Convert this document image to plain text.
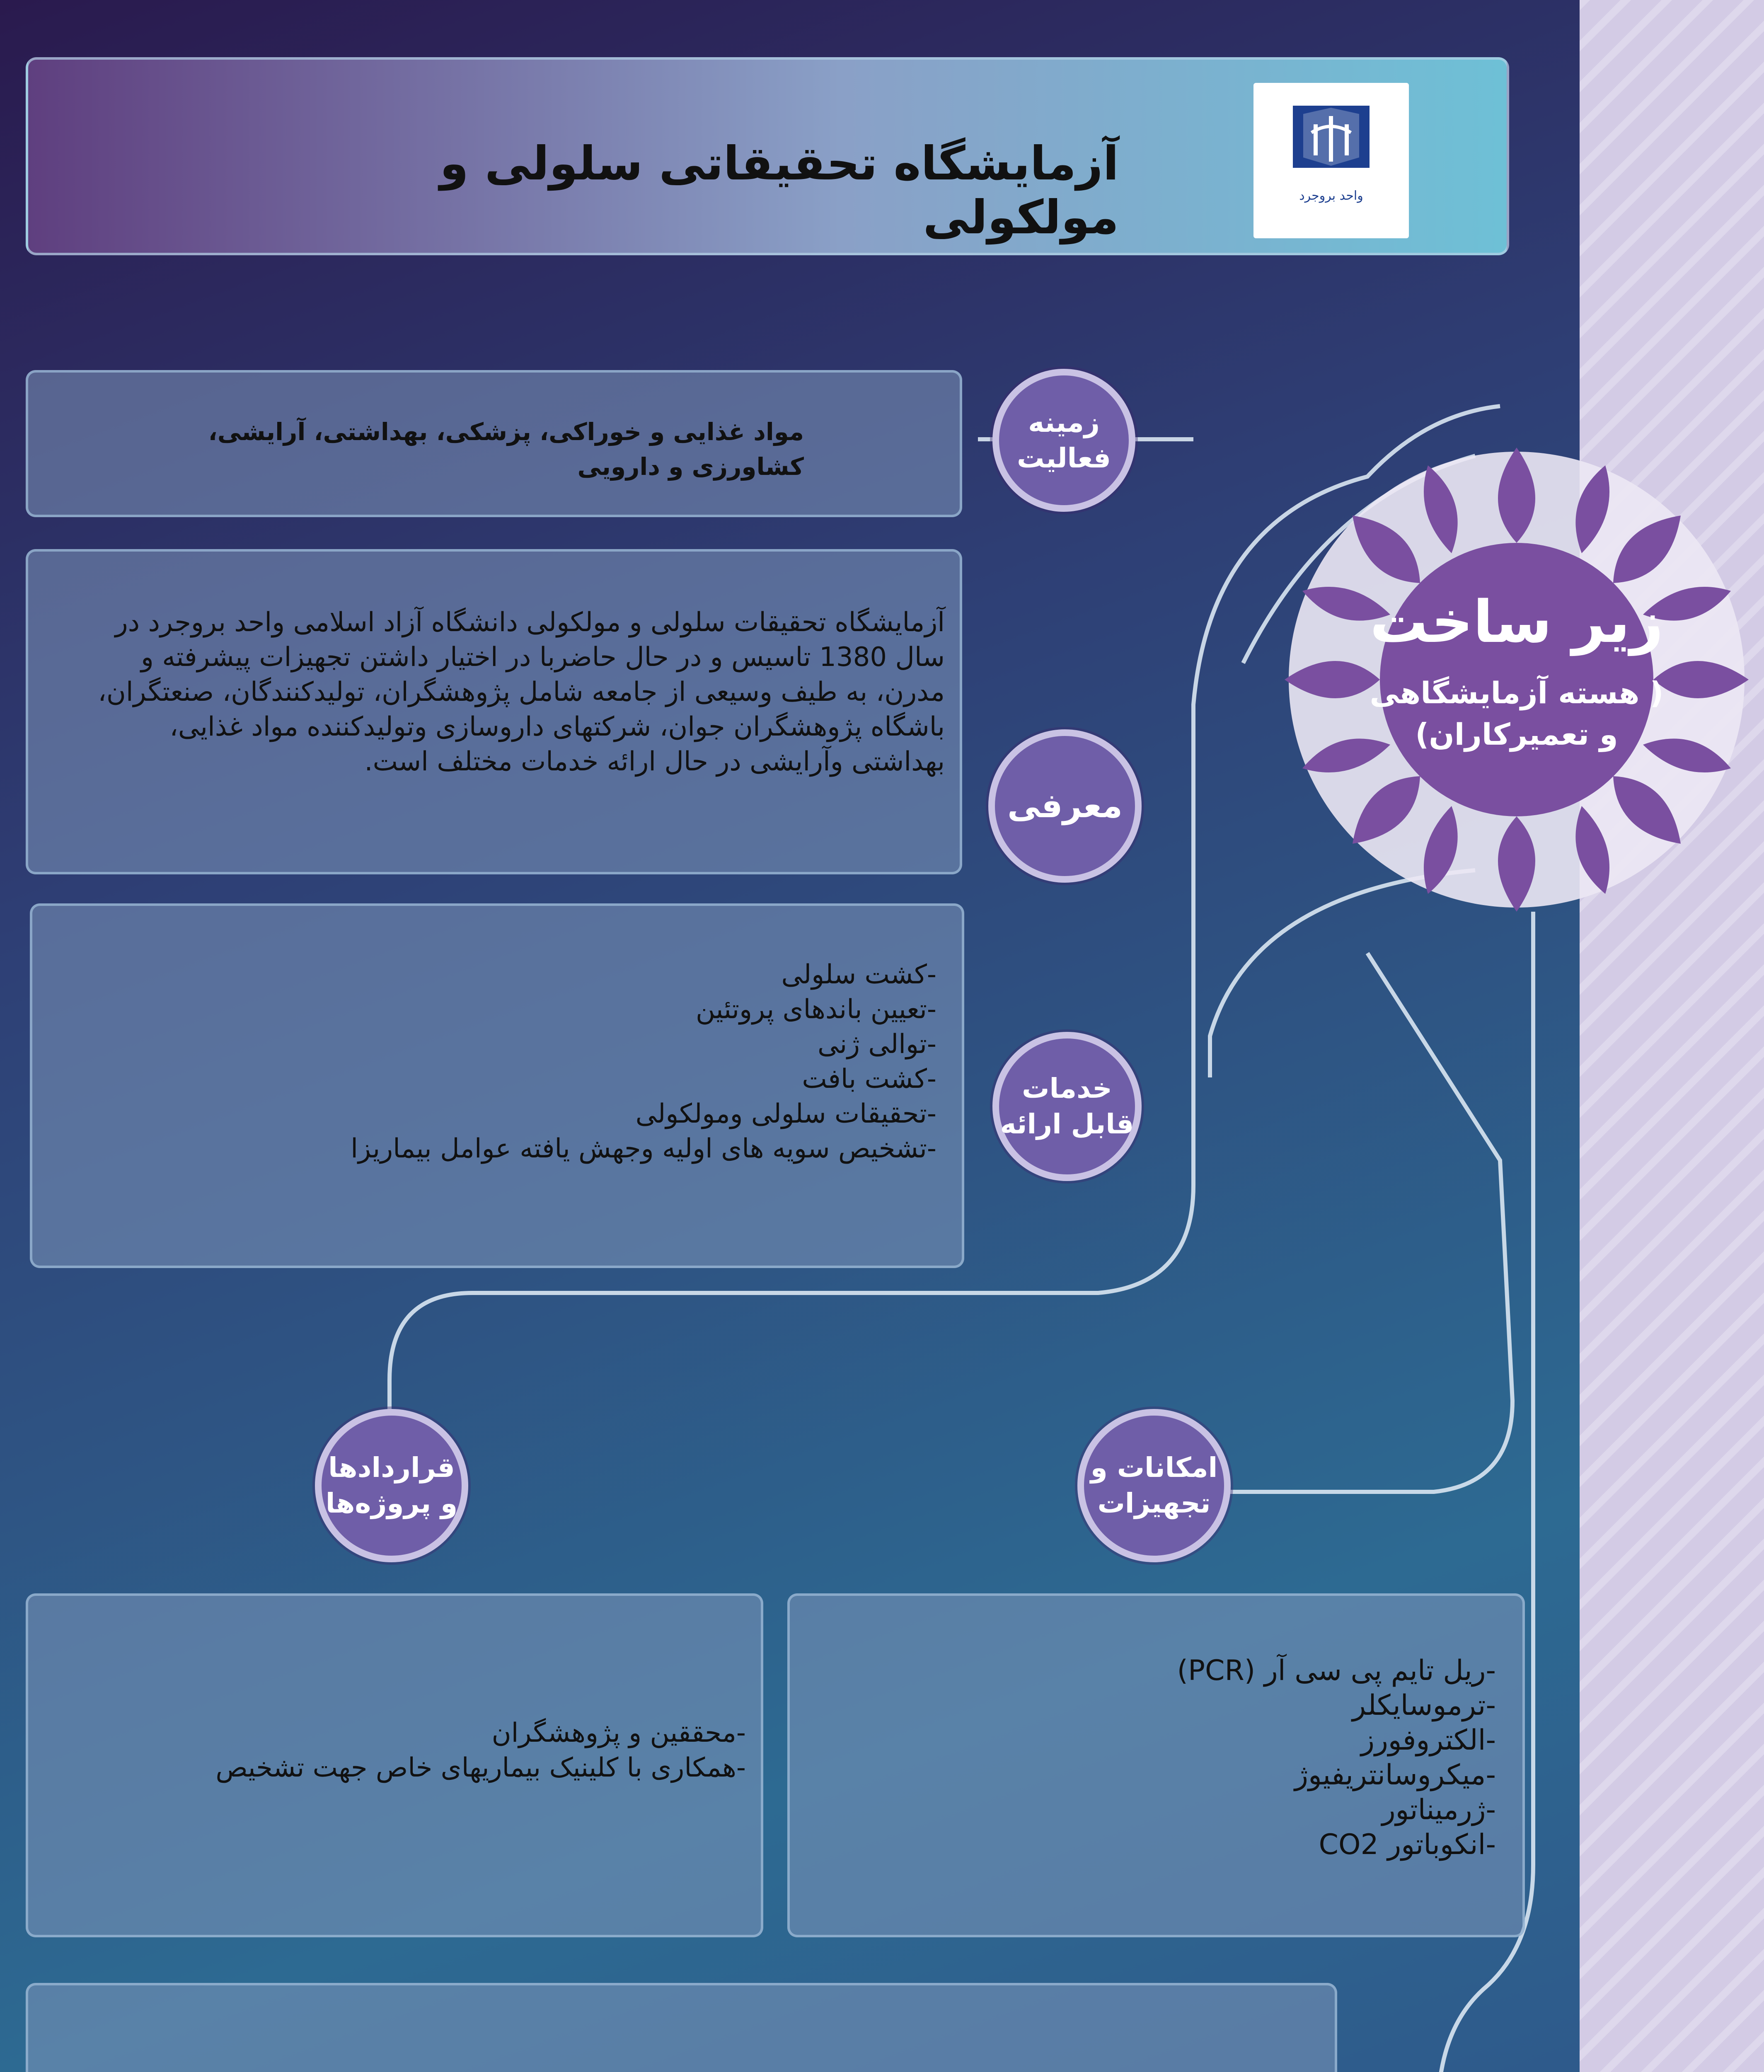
واحد بروجرد
آزمایشگاه تحقیقاتی سلولی و مولکولی
زیر ساخت
( هسته آزمایشگاهی
و تعمیرکاران)
مواد غذایی و خوراکی، پزشکی، بهداشتی، آرایشی، کشاورزی و دارویی
زمینه فعالیت
آزمایشگاه تحقیقات سلولی و مولکولی دانشگاه آزاد اسلامی واحد بروجرد در سال 1380 تاسیس و در حال حاضربا در اختیار داشتن تجهیزات پیشرفته و مدرن، به طیف وسیعی از جامعه شامل پژوهشگران، تولیدکنندگان، صنعتگران، باشگاه پژوهشگران جوان، شرکتهای داروسازی وتولیدکننده مواد غذایی، بهداشتی وآرایشی در حال ارائه خدمات مختلف است.
معرفی
-کشت سلولی
-تعیین باندهای پروتئین
-توالی ژنی
-کشت بافت
-تحقیقات سلولی ومولکولی
-تشخیص سویه های اولیه وجهش یافته عوامل بیماریزا
خدمات قابل ارائه
قراردادها و پروژه‌ها
امکانات و تجهیزات
-محققین و پژوهشگران
-همکاری با کلینیک بیماریهای خاص جهت تشخیص
-ریل تایم پی سی آر (PCR)
-ترموسایکلر
-الکتروفورز
-میکروسانتریفیوژ
-ژرمیناتور
-انکوباتور CO2
